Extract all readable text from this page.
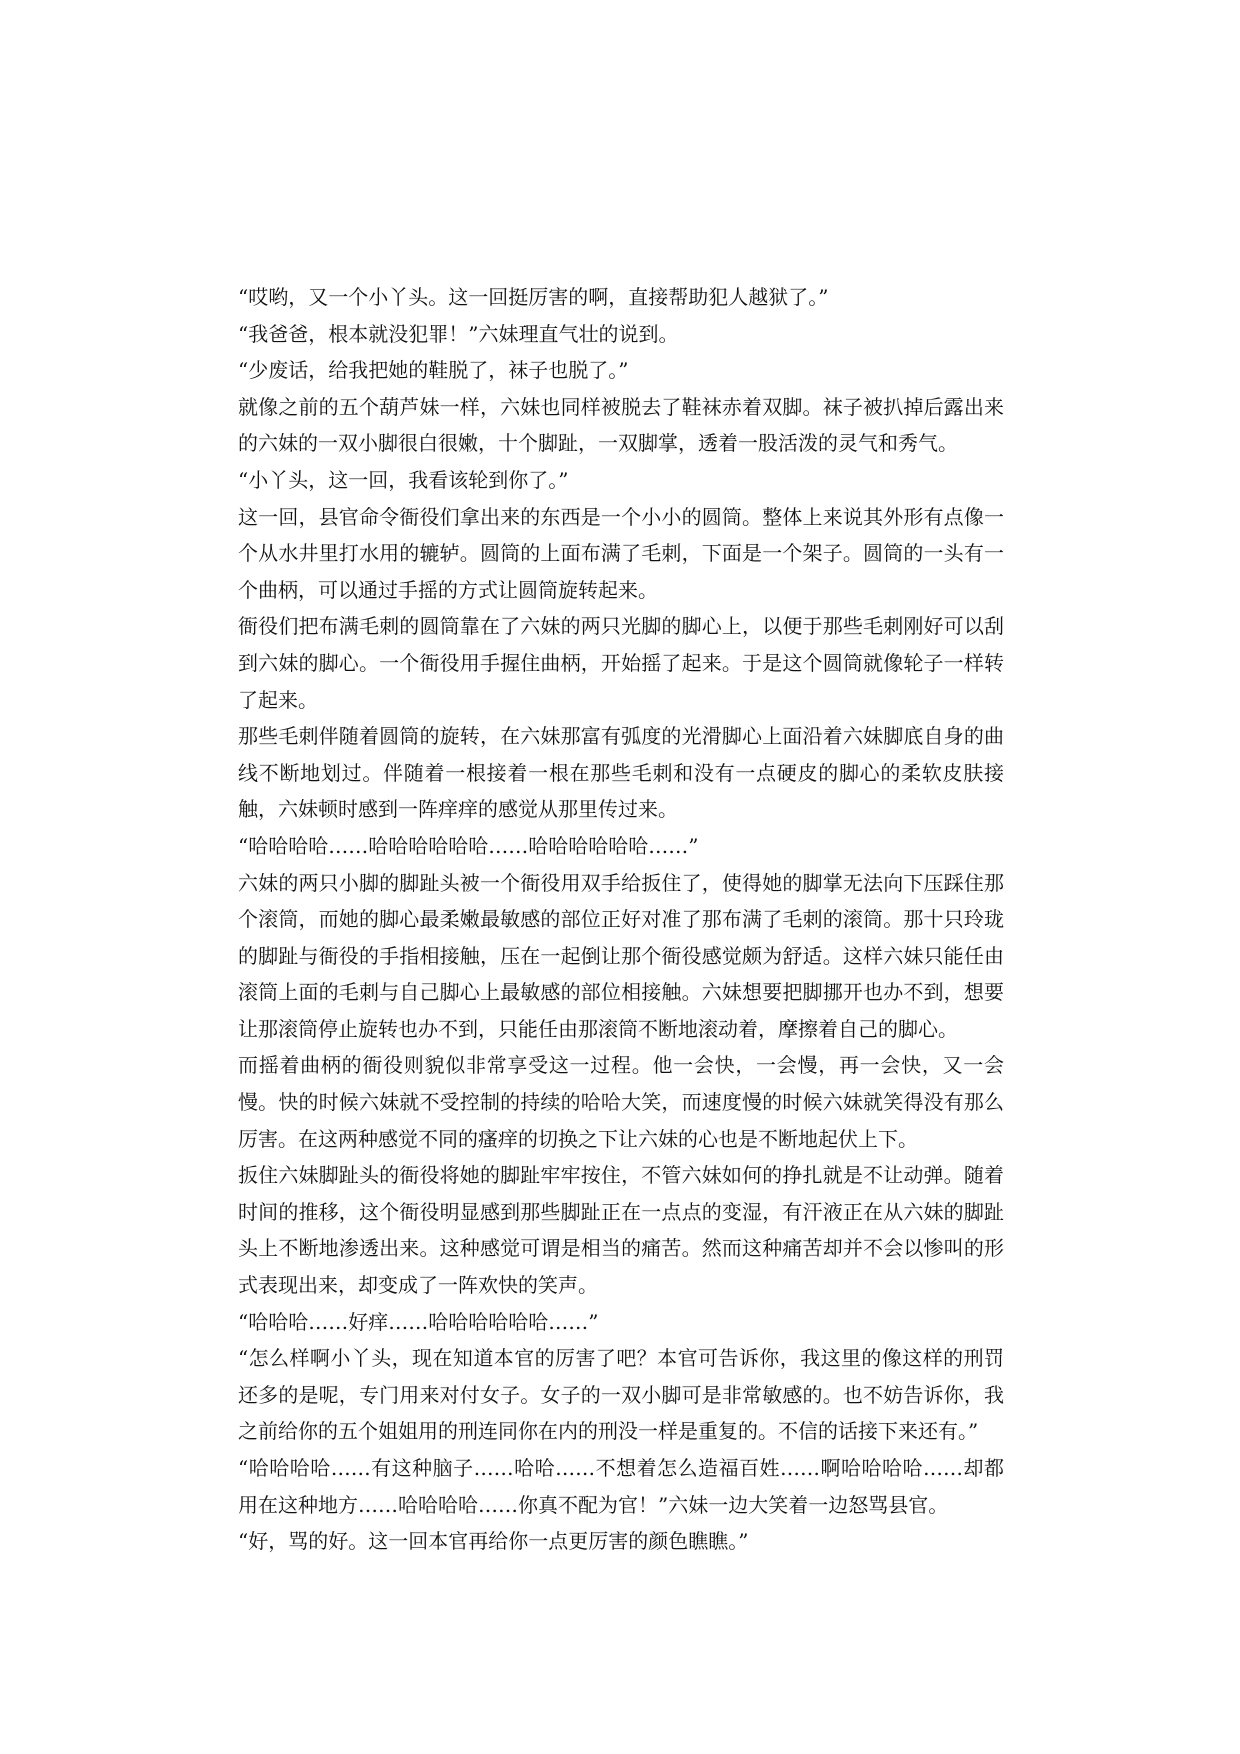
“哎哟，又一个小丫头。这一回挺厉害的啊，直接帮助犯人越狱了。”

“我爸爸，根本就没犯罪！”六妹理直气壮的说到。

“少废话，给我把她的鞋脱了，袜子也脱了。”

就像之前的五个葫芦妹一样，六妹也同样被脱去了鞋袜赤着双脚。袜子被扒掉后露出来的六妹的一双小脚很白很嫩，十个脚趾，一双脚掌，透着一股活泼的灵气和秀气。

“小丫头，这一回，我看该轮到你了。”

这一回，县官命令衙役们拿出来的东西是一个小小的圆筒。整体上来说其外形有点像一个从水井里打水用的辘轳。圆筒的上面布满了毛刺，下面是一个架子。圆筒的一头有一个曲柄，可以通过手摇的方式让圆筒旋转起来。

衙役们把布满毛刺的圆筒靠在了六妹的两只光脚的脚心上，以便于那些毛刺刚好可以刮到六妹的脚心。一个衙役用手握住曲柄，开始摇了起来。于是这个圆筒就像轮子一样转了起来。

那些毛刺伴随着圆筒的旋转，在六妹那富有弧度的光滑脚心上面沿着六妹脚底自身的曲线不断地划过。伴随着一根接着一根在那些毛刺和没有一点硬皮的脚心的柔软皮肤接触，六妹顿时感到一阵痒痒的感觉从那里传过来。

“哈哈哈哈……哈哈哈哈哈哈……哈哈哈哈哈哈……”

六妹的两只小脚的脚趾头被一个衙役用双手给扳住了，使得她的脚掌无法向下压踩住那个滚筒，而她的脚心最柔嫩最敏感的部位正好对准了那布满了毛刺的滚筒。那十只玲珑的脚趾与衙役的手指相接触，压在一起倒让那个衙役感觉颇为舒适。这样六妹只能任由滚筒上面的毛刺与自己脚心上最敏感的部位相接触。六妹想要把脚挪开也办不到，想要让那滚筒停止旋转也办不到，只能任由那滚筒不断地滚动着，摩擦着自己的脚心。

而摇着曲柄的衙役则貌似非常享受这一过程。他一会快，一会慢，再一会快，又一会慢。快的时候六妹就不受控制的持续的哈哈大笑，而速度慢的时候六妹就笑得没有那么厉害。在这两种感觉不同的瘙痒的切换之下让六妹的心也是不断地起伏上下。

扳住六妹脚趾头的衙役将她的脚趾牢牢按住，不管六妹如何的挣扎就是不让动弹。随着时间的推移，这个衙役明显感到那些脚趾正在一点点的变湿，有汗液正在从六妹的脚趾头上不断地渗透出来。这种感觉可谓是相当的痛苦。然而这种痛苦却并不会以惨叫的形式表现出来，却变成了一阵欢快的笑声。

“哈哈哈……好痒……哈哈哈哈哈哈……”

“怎么样啊小丫头，现在知道本官的厉害了吧？本官可告诉你，我这里的像这样的刑罚还多的是呢，专门用来对付女子。女子的一双小脚可是非常敏感的。也不妨告诉你，我之前给你的五个姐姐用的刑连同你在内的刑没一样是重复的。不信的话接下来还有。”

“哈哈哈哈……有这种脑子……哈哈……不想着怎么造福百姓……啊哈哈哈哈……却都用在这种地方……哈哈哈哈……你真不配为官！”六妹一边大笑着一边怒骂县官。

“好，骂的好。这一回本官再给你一点更厉害的颜色瞧瞧。”
